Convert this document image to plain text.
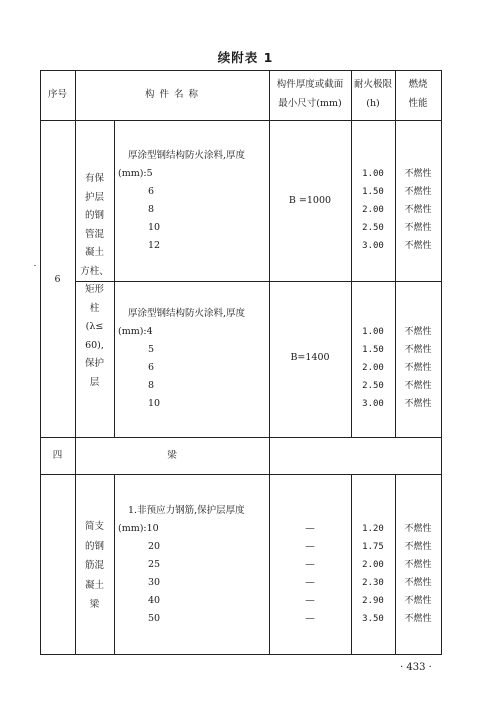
续附表 1
序号	构 件 名 称
构件厚度或截面
最小尺寸(mm)
耐火极限
(h)
燃烧
性能
6
有保
护层
的钢
管混
凝土
方柱、
矩形
柱
(λ≤
60),
保护
层
厚涂型钢结构防火涂料,厚度
(mm):5
6
8
10
12
B =1000
1.00
1.50
2.00
2.50
3.00
不燃性
不燃性
不燃性
不燃性
不燃性
厚涂型钢结构防火涂料,厚度
(mm):4
5
6
8
10
B=1400
1.00
1.50
2.00
2.50
3.00
不燃性
不燃性
不燃性
不燃性
不燃性
四	梁
简支
的钢
筋混
凝土
梁
1.非预应力钢筋,保护层厚度
(mm):10
20
25
30
40
50
—
—
—
—
—
—
1.20
1.75
2.00
2.30
2.90
3.50
不燃性
不燃性
不燃性
不燃性
不燃性
不燃性
· 433 ·
